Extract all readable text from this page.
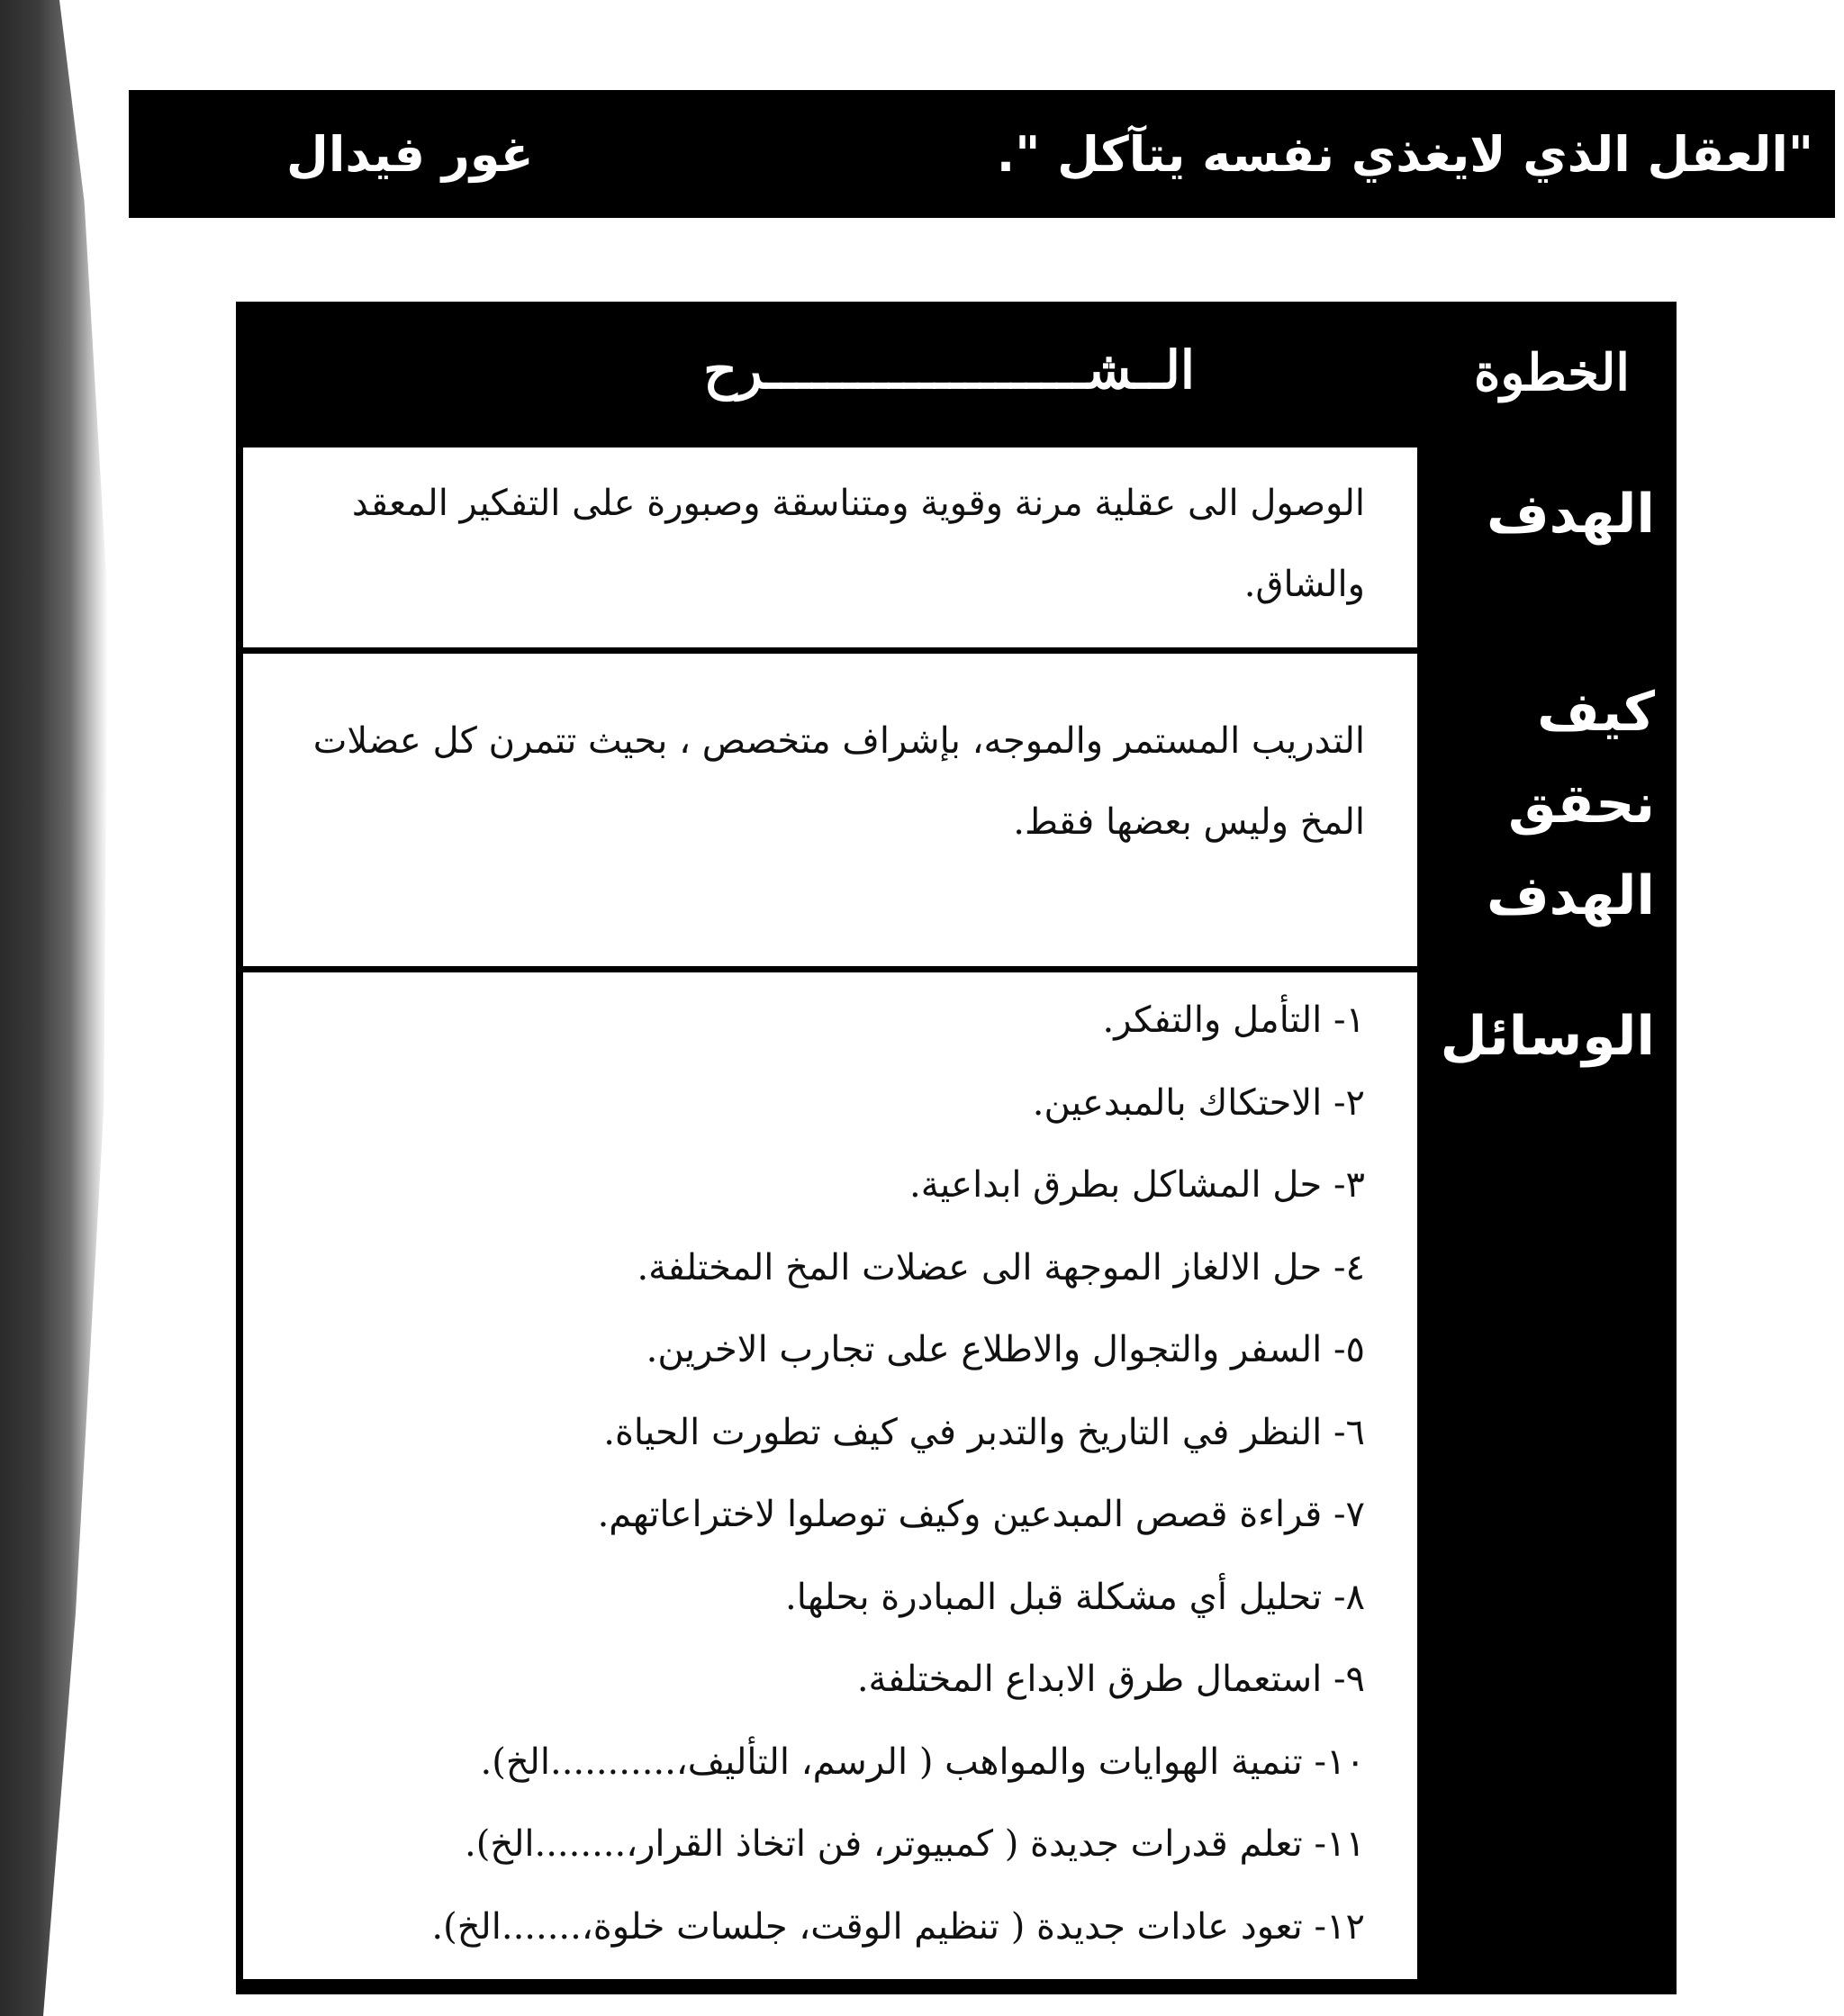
"العقل الذي لايغذي نفسه يتآكل ".
غور فيدال
الخطوة
الــشـــــــــــــــــــــرح
الهدف
كيف
نحقق
الهدف
الوسائل

الوصول الى عقلية مرنة وقوية ومتناسقة وصبورة على التفكير المعقد والشاق.

التدريب المستمر والموجه، بإشراف متخصص ، بحيث تتمرن كل عضلات المخ وليس بعضها فقط.

١- التأمل والتفكر.
٢- الاحتكاك بالمبدعين.
٣- حل المشاكل بطرق ابداعية.
٤- حل الالغاز الموجهة الى عضلات المخ المختلفة.
٥- السفر والتجوال والاطلاع على تجارب الاخرين.
٦- النظر في التاريخ والتدبر في كيف تطورت الحياة.
٧- قراءة قصص المبدعين وكيف توصلوا لاختراعاتهم.
٨- تحليل أي مشكلة قبل المبادرة بحلها.
٩- استعمال طرق الابداع المختلفة.
١٠- تنمية الهوايات والمواهب ( الرسم، التأليف،...........الخ).
١١- تعلم قدرات جديدة ( كمبيوتر، فن اتخاذ القرار،........الخ).
١٢- تعود عادات جديدة ( تنظيم الوقت، جلسات خلوة،.......الخ).
